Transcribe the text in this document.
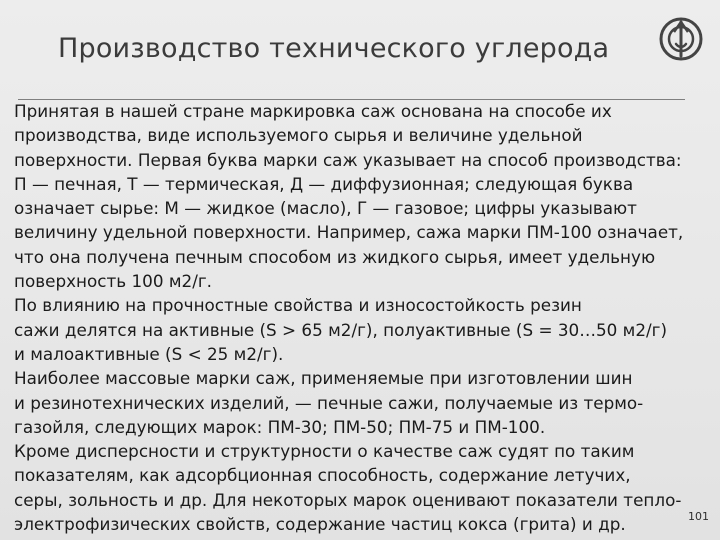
Производство технического углерода
Принятая в нашей стране маркировка саж основана на способе их
производства, виде используемого сырья и величине удельной
поверхности. Первая буква марки саж указывает на способ производства:
П — печная, Т — термическая, Д — диффузионная; следующая буква
означает сырье: М — жидкое (масло), Г — газовое; цифры указывают
величину удельной поверхности. Например, сажа марки ПМ-100 означает,
что она получена печным способом из жидкого сырья, имеет удельную
поверхность 100 м2/г.
По влиянию на прочностные свойства и износостойкость резин
сажи делятся на активные (S > 65 м2/г), полуактивные (S = 30…50 м2/г)
и малоактивные (S < 25 м2/г).
Наиболее массовые марки саж, применяемые при изготовлении шин
и резинотехнических изделий, — печные сажи, получаемые из термо-
газойля, следующих марок: ПМ-30; ПМ-50; ПМ-75 и ПМ-100.
Кроме дисперсности и структурности о качестве саж судят по таким
показателям, как адсорбционная способность, содержание летучих,
серы, зольность и др. Для некоторых марок оценивают показатели тепло-
электрофизических свойств, содержание частиц кокса (грита) и др.	101
